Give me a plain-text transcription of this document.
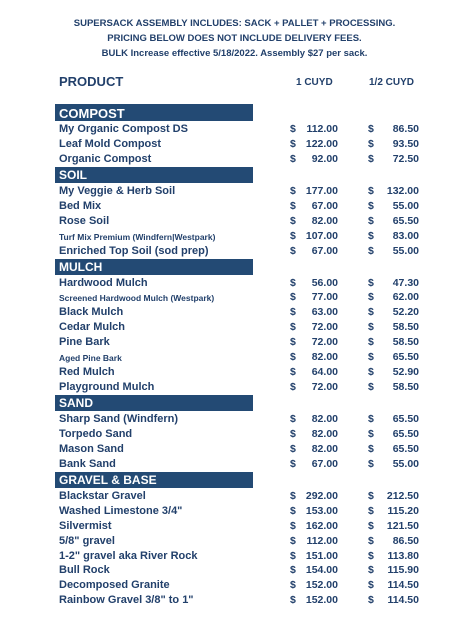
SUPERSACK ASSEMBLY INCLUDES: SACK + PALLET + PROCESSING.
PRICING BELOW DOES NOT INCLUDE DELIVERY FEES.
BULK Increase effective 5/18/2022. Assembly $27 per sack.
PRODUCT	1 CUYD	1/2 CUYD
COMPOST
My Organic Compost DS	$ 112.00	$ 86.50
Leaf Mold Compost	$ 122.00	$ 93.50
Organic Compost	$ 92.00	$ 72.50
SOIL
My Veggie & Herb Soil	$ 177.00	$ 132.00
Bed Mix	$ 67.00	$ 55.00
Rose Soil	$ 82.00	$ 65.50
Turf Mix Premium (Windfern|Westpark)	$ 107.00	$ 83.00
Enriched Top Soil (sod prep)	$ 67.00	$ 55.00
MULCH
Hardwood Mulch	$ 56.00	$ 47.30
Screened Hardwood Mulch (Westpark)	$ 77.00	$ 62.00
Black Mulch	$ 63.00	$ 52.20
Cedar Mulch	$ 72.00	$ 58.50
Pine Bark	$ 72.00	$ 58.50
Aged Pine Bark	$ 82.00	$ 65.50
Red Mulch	$ 64.00	$ 52.90
Playground Mulch	$ 72.00	$ 58.50
SAND
Sharp Sand (Windfern)	$ 82.00	$ 65.50
Torpedo Sand	$ 82.00	$ 65.50
Mason Sand	$ 82.00	$ 65.50
Bank Sand	$ 67.00	$ 55.00
GRAVEL & BASE
Blackstar Gravel	$ 292.00	$ 212.50
Washed Limestone 3/4"	$ 153.00	$ 115.20
Silvermist	$ 162.00	$ 121.50
5/8" gravel	$ 112.00	$ 86.50
1-2" gravel aka River Rock	$ 151.00	$ 113.80
Bull Rock	$ 154.00	$ 115.90
Decomposed Granite	$ 152.00	$ 114.50
Rainbow Gravel 3/8" to 1"	$ 152.00	$ 114.50
